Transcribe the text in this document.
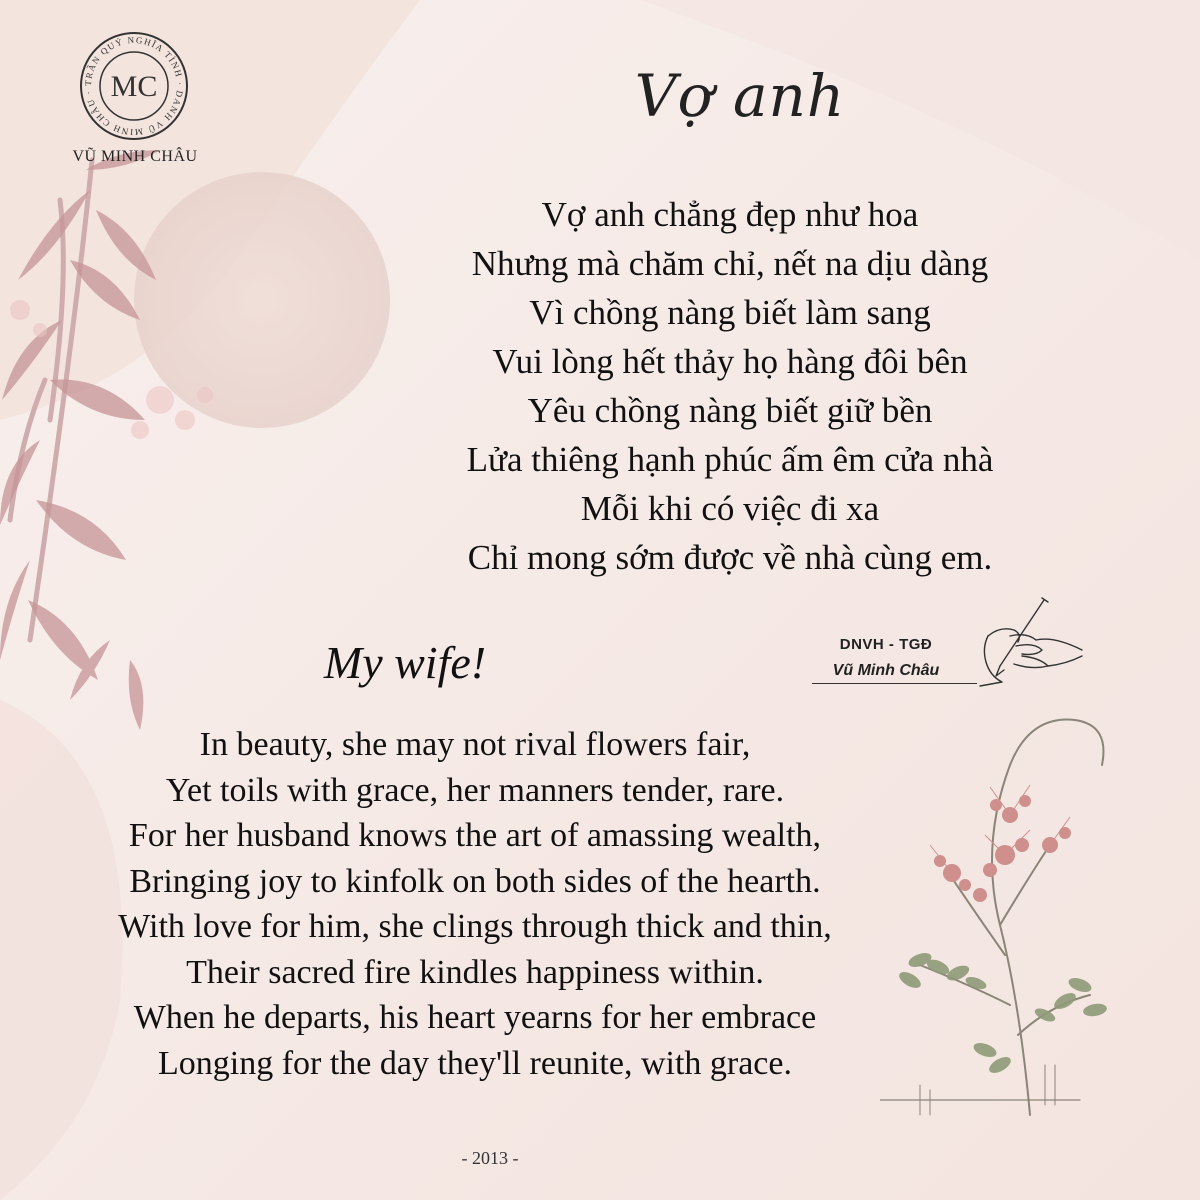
TRẦN QUÝ NGHĨA TÌNH · DANH VŨ MINH CHÂU · MC
VŨ MINH CHÂU
Vợ anh
Vợ anh chẳng đẹp như hoa
Nhưng mà chăm chỉ, nết na dịu dàng
Vì chồng nàng biết làm sang
Vui lòng hết thảy họ hàng đôi bên
Yêu chồng nàng biết giữ bền
Lửa thiêng hạnh phúc ấm êm cửa nhà
Mỗi khi có việc đi xa
Chỉ mong sớm được về nhà cùng em.
DNVH - TGĐ
Vũ Minh Châu
My wife!
In beauty, she may not rival flowers fair,
Yet toils with grace, her manners tender, rare.
For her husband knows the art of amassing wealth,
Bringing joy to kinfolk on both sides of the hearth.
With love for him, she clings through thick and thin,
Their sacred fire kindles happiness within.
When he departs, his heart yearns for her embrace
Longing for the day they'll reunite, with grace.
- 2013 -
